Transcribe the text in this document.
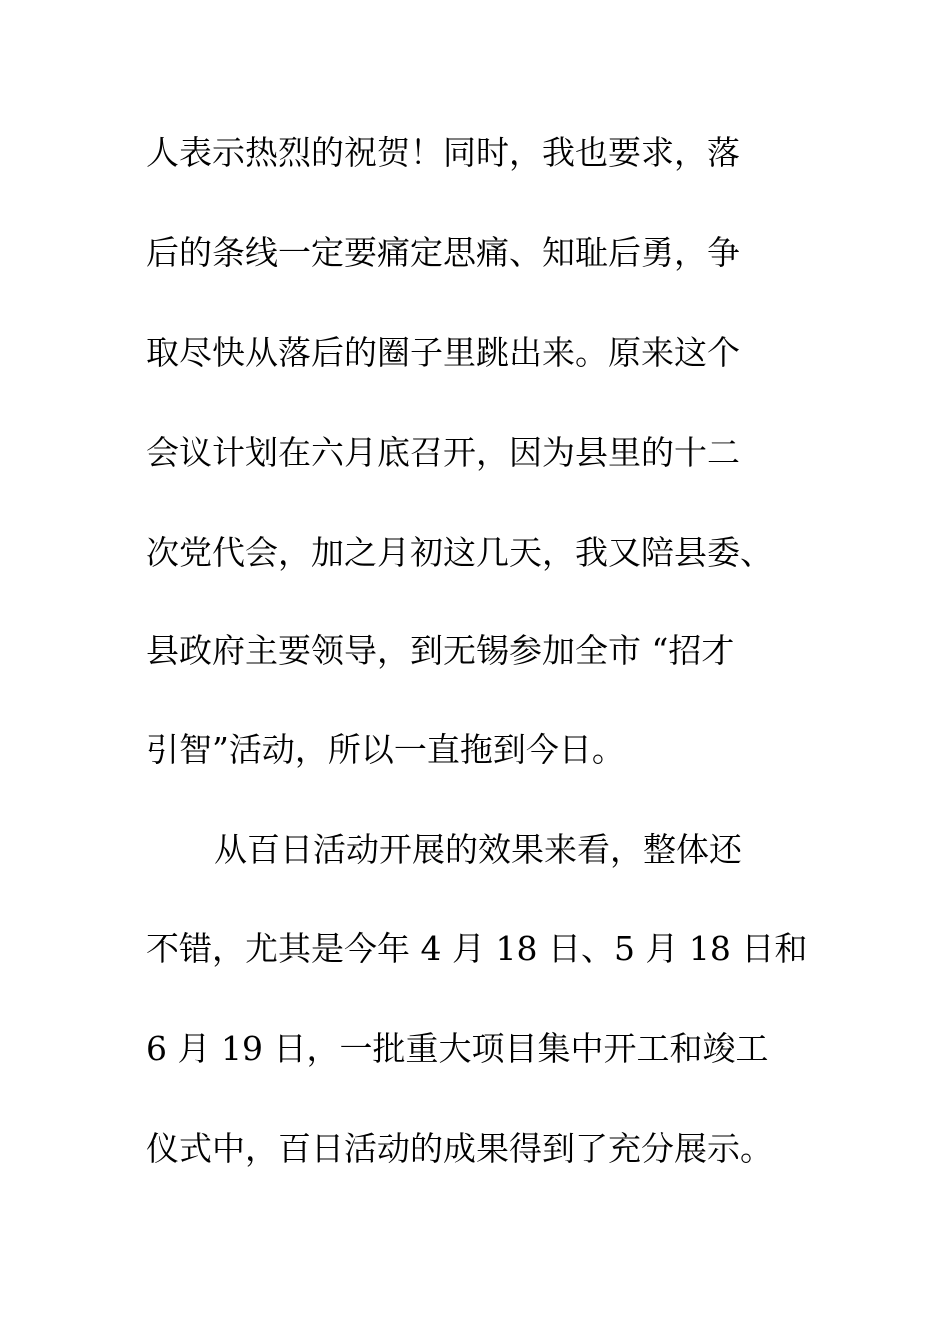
人表示热烈的祝贺！同时，我也要求，落
后的条线一定要痛定思痛、知耻后勇，争
取尽快从落后的圈子里跳出来。原来这个
会议计划在六月底召开，因为县里的十二
次党代会，加之月初这几天，我又陪县委、
县政府主要领导，到无锡参加全市 “招才
引智”活动，所以一直拖到今日。
从百日活动开展的效果来看，整体还
不错，尤其是今年 4 月 18 日、5 月 18 日和
6 月 19 日，一批重大项目集中开工和竣工
仪式中，百日活动的成果得到了充分展示。
